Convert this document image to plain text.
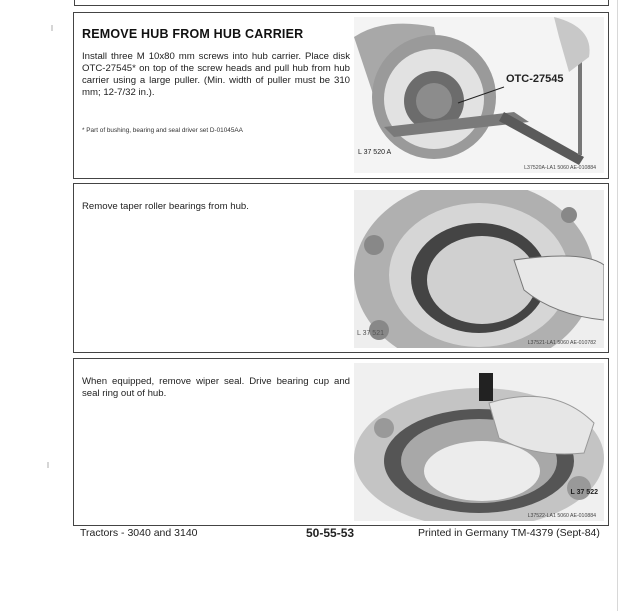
REMOVE HUB FROM HUB CARRIER
Install three M 10x80 mm screws into hub carrier. Place disk OTC-27545* on top of the screw heads and pull hub from hub carrier using a large puller. (Min. width of puller must be 310 mm; 12-7/32 in.).
* Part of bushing, bearing and seal driver set D-01045AA
OTC-27545
L 37 520 A
L37520A-LA1 5060 AE-010884
Remove taper roller bearings from hub.
L 37 521
L37521-LA1 5060 AE-010782
When equipped, remove wiper seal. Drive bearing cup and seal ring out of hub.
L 37 522
L37522-LA1 5060 AE-010884
Tractors - 3040 and 3140	50-55-53	Printed in Germany TM-4379 (Sept-84)
